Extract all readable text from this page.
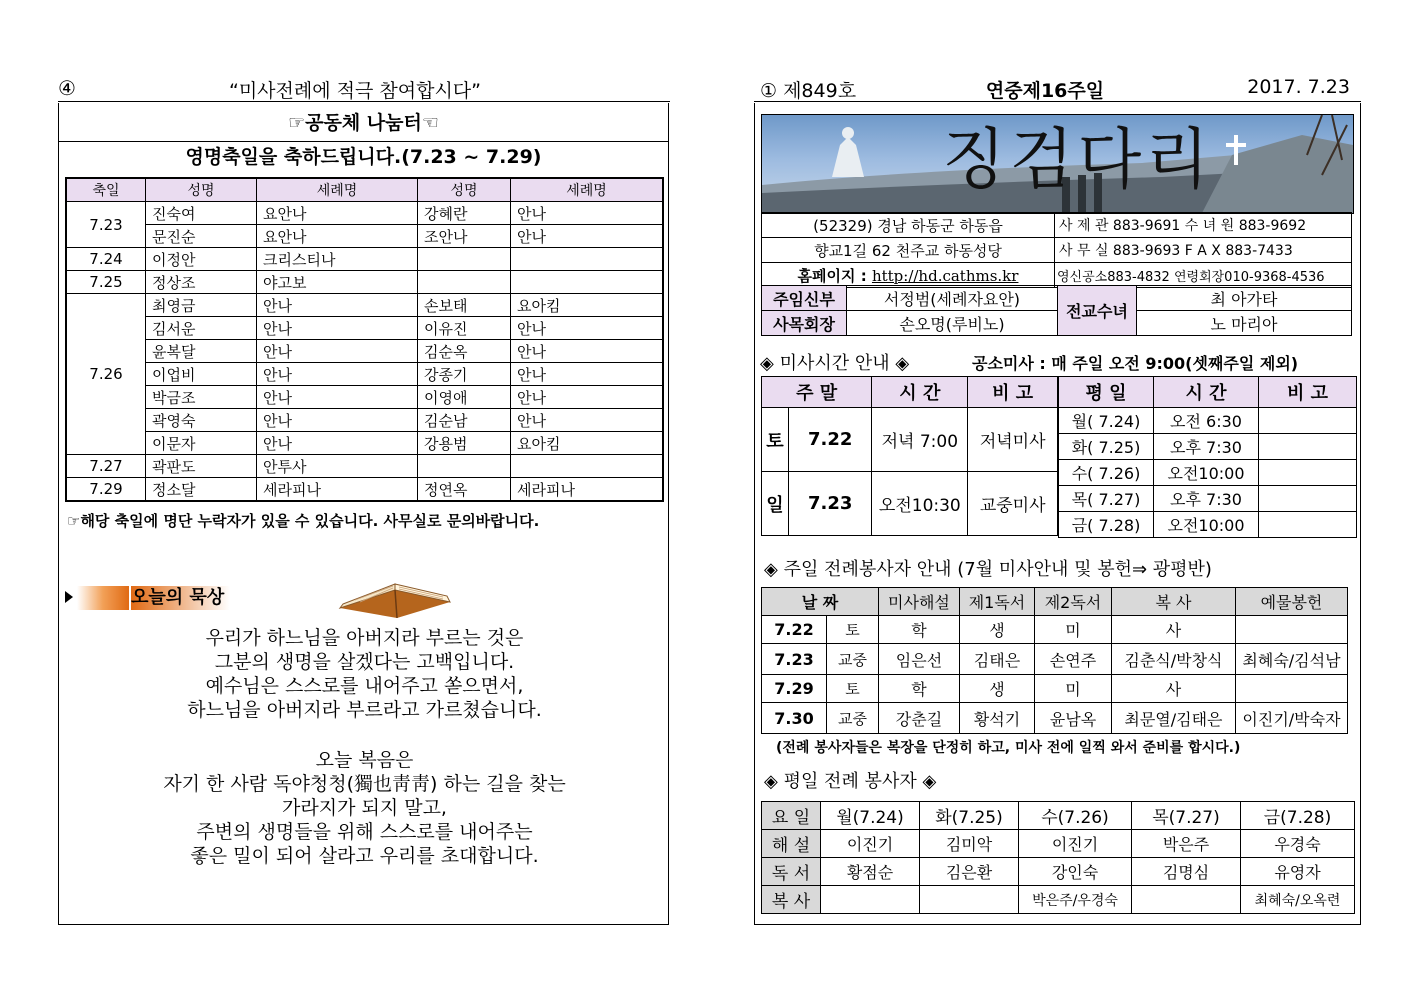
④	“미사전례에 적극 참여합시다”
☞공동체 나눔터☜
영명축일을 축하드립니다.(7.23 ~ 7.29)
축일	성명	세례명	성명	세례명
7.23	진숙여	요안나	강혜란	안나
	문진순	요안나	조안나	안나
7.24	이정안	크리스티나		
7.25	정상조	야고보		
7.26	최영금	안나	손보태	요아킴
	김서운	안나	이유진	안나
	윤복달	안나	김순옥	안나
	이업비	안나	강종기	안나
	박금조	안나	이영애	안나
	곽영숙	안나	김순남	안나
	이문자	안나	강용범	요아킴
7.27	곽판도	안투사		
7.29	정소달	세라피나	정연옥	세라피나
☞해당 축일에 명단 누락자가 있을 수 있습니다. 사무실로 문의바랍니다.
오늘의 묵상
우리가 하느님을 아버지라 부르는 것은
그분의 생명을 살겠다는 고백입니다.
예수님은 스스로를 내어주고 쏟으면서,
하느님을 아버지라 부르라고 가르쳤습니다.
오늘 복음은
자기 한 사람 독야청청(獨也靑靑) 하는 길을 찾는
가라지가 되지 말고,
주변의 생명들을 위해 스스로를 내어주는
좋은 밀이 되어 살라고 우리를 초대합니다.
① 제849호	연중제16주일	2017. 7.23
징검다리
(52329) 경남 하동군 하동읍	사 제 관 883-9691 수 녀 원 883-9692
향교1길 62 천주교 하동성당	사 무 실 883-9693 F A X 883-7433
홈페이지 : http://hd.cathms.kr	영신공소883-4832 연령회장010-9368-4536
주임신부	서정범(세례자요안)	전교수녀	최 아가타
사목회장	손오명(루비노)		노 마리아
◈ 미사시간 안내 ◈	공소미사 : 매 주일 오전 9:00(셋째주일 제외)
주 말		시 간	비 고
토	7.22	저녁 7:00	저녁미사
일	7.23	오전10:30	교중미사
평 일	시 간	비 고
월( 7.24)	오전 6:30	
화( 7.25)	오후 7:30	
수( 7.26)	오전10:00	
목( 7.27)	오후 7:30	
금( 7.28)	오전10:00	
◈ 주일 전례봉사자 안내 (7월 미사안내 및 봉헌⇒ 광평반)
날 짜		미사해설	제1독서	제2독서	복 사	예물봉헌
7.22	토	학	생	미	사	
7.23	교중	임은선	김태은	손연주	김춘식/박창식	최혜숙/김석남
7.29	토	학	생	미	사	
7.30	교중	강춘길	황석기	윤남옥	최문열/김태은	이진기/박숙자
(전례 봉사자들은 복장을 단정히 하고, 미사 전에 일찍 와서 준비를 합시다.)
◈ 평일 전례 봉사자 ◈
요 일	월(7.24)	화(7.25)	수(7.26)	목(7.27)	금(7.28)
해 설	이진기	김미악	이진기	박은주	우경숙
독 서	황점순	김은환	강인숙	김명심	유영자
복 사			박은주/우경숙		최혜숙/오옥련
